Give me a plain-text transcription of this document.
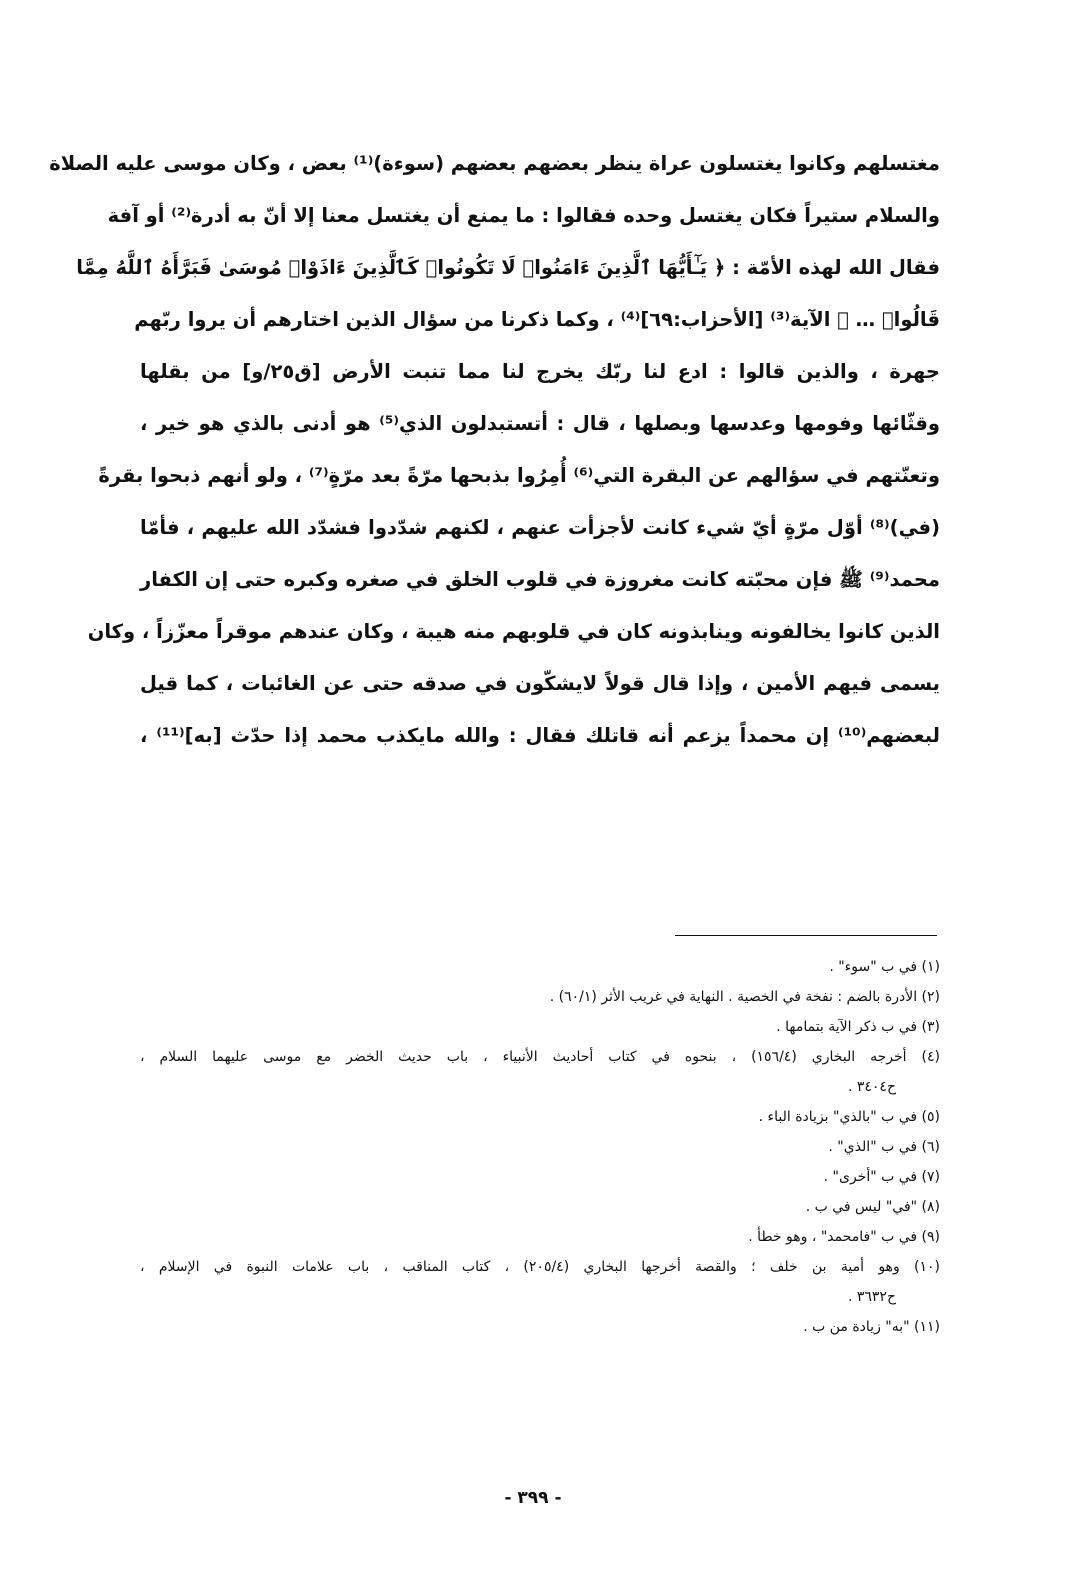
مغتسلهم وكانوا يغتسلون عراة ينظر بعضهم بعضهم (سوءة)⁽¹⁾ بعض ، وكان موسى عليه الصلاة
والسلام ستيراً فكان يغتسل وحده فقالوا : ما يمنع أن يغتسل معنا إلا أنّ به أدرة⁽²⁾ أو آفة
فقال الله لهذه الأمّة : ﴿ يَـٰٓأَيُّهَا ٱلَّذِينَ ءَامَنُوا۟ لَا تَكُونُوا۟ كَٱلَّذِينَ ءَاذَوْا۟ مُوسَىٰ فَبَرَّأَهُ ٱللَّهُ مِمَّا
قَالُوا۟ … ﴾ الآية⁽³⁾ [الأحزاب:٦٩]⁽⁴⁾ ، وكما ذكرنا من سؤال الذين اختارهم أن يروا ربّهم
جهرة ، والذين قالوا : ادع لنا ربّك يخرج لنا مما تنبت الأرض [ق٢٥/و] من بقلها
وقثّائها وفومها وعدسها وبصلها ، قال : أتستبدلون الذي⁽⁵⁾ هو أدنى بالذي هو خير ،
وتعنّتهم في سؤالهم عن البقرة التي⁽⁶⁾ أُمِرُوا بذبحها مرّةً بعد مرّةٍ⁽⁷⁾ ، ولو أنهم ذبحوا بقرةً
(في)⁽⁸⁾ أوّل مرّةٍ أيّ شيء كانت لأجزأت عنهم ، لكنهم شدّدوا فشدّد الله عليهم ، فأمّا
محمد⁽⁹⁾ ﷺ فإن محبّته كانت مغروزة في قلوب الخلق في صغره وكبره حتى إن الكفار
الذين كانوا يخالفونه وينابذونه كان في قلوبهم منه هيبة ، وكان عندهم موقراً معزّزاً ، وكان
يسمى فيهم الأمين ، وإذا قال قولاً لايشكّون في صدقه حتى عن الغائبات ، كما قيل
لبعضهم⁽¹⁰⁾ إن محمداً يزعم أنه قاتلك فقال : والله مايكذب محمد إذا حدّث [به]⁽¹¹⁾ ،
(١) في ب "سوء" .
(٢) الأدرة بالضم : نفخة في الخصية . النهاية في غريب الأثر (٦٠/١) .
(٣) في ب ذكر الآية بتمامها .
(٤) أخرجه البخاري (١٥٦/٤) ، بنحوه في كتاب أحاديث الأنبياء ، باب حديث الخضر مع موسى عليهما السلام ،
ح٣٤٠٤ .
(٥) في ب "بالذي" بزيادة الباء .
(٦) في ب "الذي" .
(٧) في ب "أخرى" .
(٨) "في" ليس في ب .
(٩) في ب "فامحمد" ، وهو خطأ .
(١٠) وهو أمية بن خلف ؛ والقصة أخرجها البخاري (٢٠٥/٤) ، كتاب المناقب ، باب علامات النبوة في الإسلام ،
ح٣٦٣٢ .
(١١) "به" زيادة من ب .
- ٣٩٩ -
